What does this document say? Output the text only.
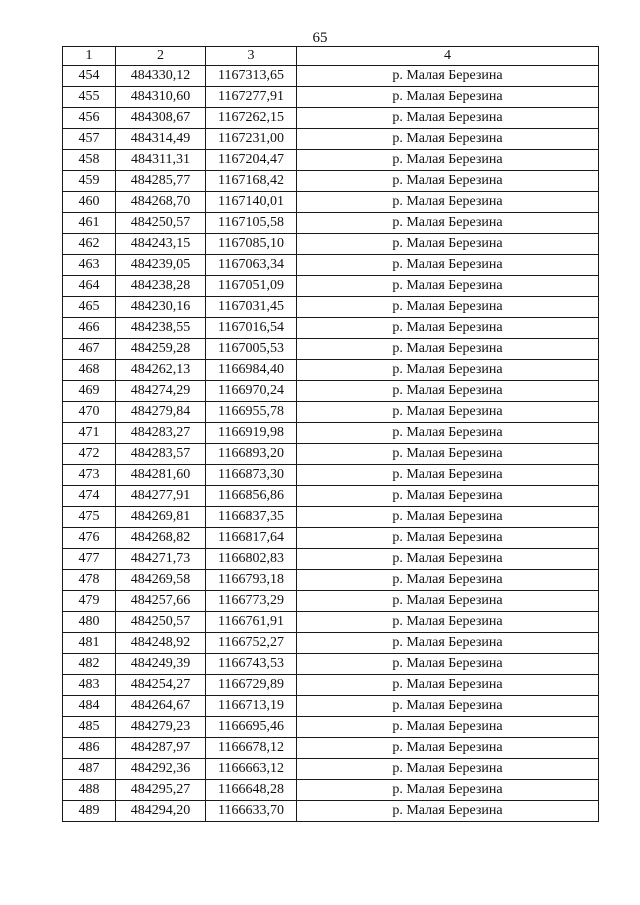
65
1	2	3	4
454	484330,12	1167313,65	р. Малая Березина
455	484310,60	1167277,91	р. Малая Березина
456	484308,67	1167262,15	р. Малая Березина
457	484314,49	1167231,00	р. Малая Березина
458	484311,31	1167204,47	р. Малая Березина
459	484285,77	1167168,42	р. Малая Березина
460	484268,70	1167140,01	р. Малая Березина
461	484250,57	1167105,58	р. Малая Березина
462	484243,15	1167085,10	р. Малая Березина
463	484239,05	1167063,34	р. Малая Березина
464	484238,28	1167051,09	р. Малая Березина
465	484230,16	1167031,45	р. Малая Березина
466	484238,55	1167016,54	р. Малая Березина
467	484259,28	1167005,53	р. Малая Березина
468	484262,13	1166984,40	р. Малая Березина
469	484274,29	1166970,24	р. Малая Березина
470	484279,84	1166955,78	р. Малая Березина
471	484283,27	1166919,98	р. Малая Березина
472	484283,57	1166893,20	р. Малая Березина
473	484281,60	1166873,30	р. Малая Березина
474	484277,91	1166856,86	р. Малая Березина
475	484269,81	1166837,35	р. Малая Березина
476	484268,82	1166817,64	р. Малая Березина
477	484271,73	1166802,83	р. Малая Березина
478	484269,58	1166793,18	р. Малая Березина
479	484257,66	1166773,29	р. Малая Березина
480	484250,57	1166761,91	р. Малая Березина
481	484248,92	1166752,27	р. Малая Березина
482	484249,39	1166743,53	р. Малая Березина
483	484254,27	1166729,89	р. Малая Березина
484	484264,67	1166713,19	р. Малая Березина
485	484279,23	1166695,46	р. Малая Березина
486	484287,97	1166678,12	р. Малая Березина
487	484292,36	1166663,12	р. Малая Березина
488	484295,27	1166648,28	р. Малая Березина
489	484294,20	1166633,70	р. Малая Березина
